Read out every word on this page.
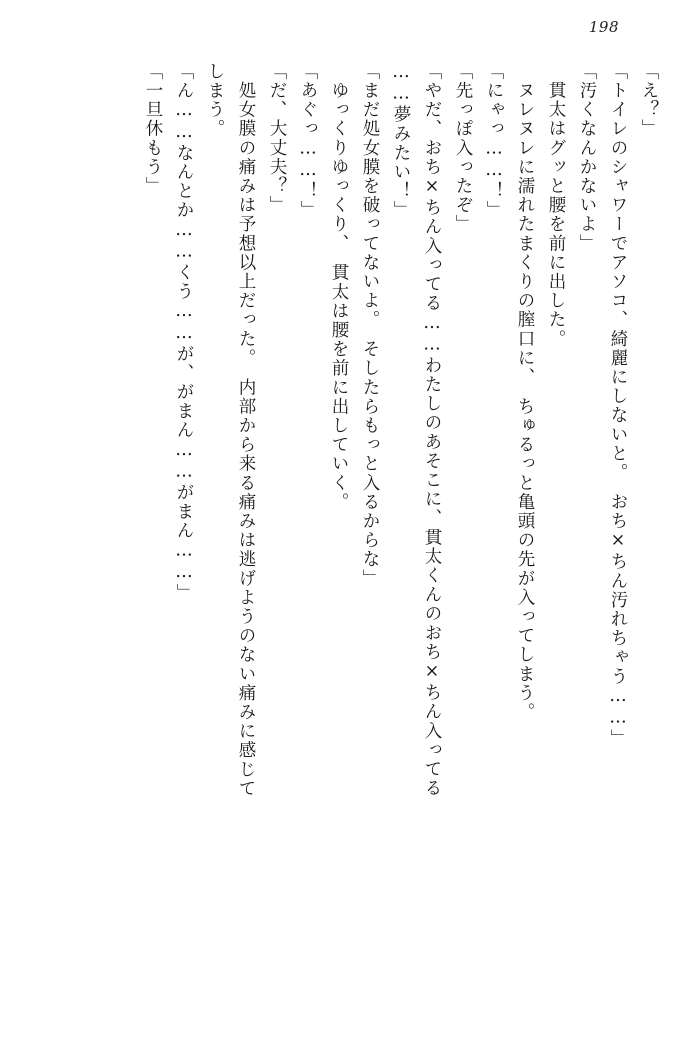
198
「え？」
「トイレのシャワーでアソコ、綺麗にしないと。　おち×ちん汚れちゃう……」
「汚くなんかないよ」
　貫太はグッと腰を前に出した。
　ヌレヌレに濡れたまくりの膣口に、　ちゅるっと亀頭の先が入ってしまう。
「にゃっ……！」
「先っぽ入ったぞ」
「やだ、おち×ちん入ってる……わたしのあそこに、貫太くんのおち×ちん入ってる
……夢みたい！」
「まだ処女膜を破ってないよ。　そしたらもっと入るからな」
　ゆっくりゆっくり、　貫太は腰を前に出していく。
「あぐっ……！」
「だ、大丈夫？」
　処女膜の痛みは予想以上だった。　内部から来る痛みは逃げようのない痛みに感じて
しまう。
「ん……なんとか……くう……が、がまん……がまん……」
「一旦休もう」
